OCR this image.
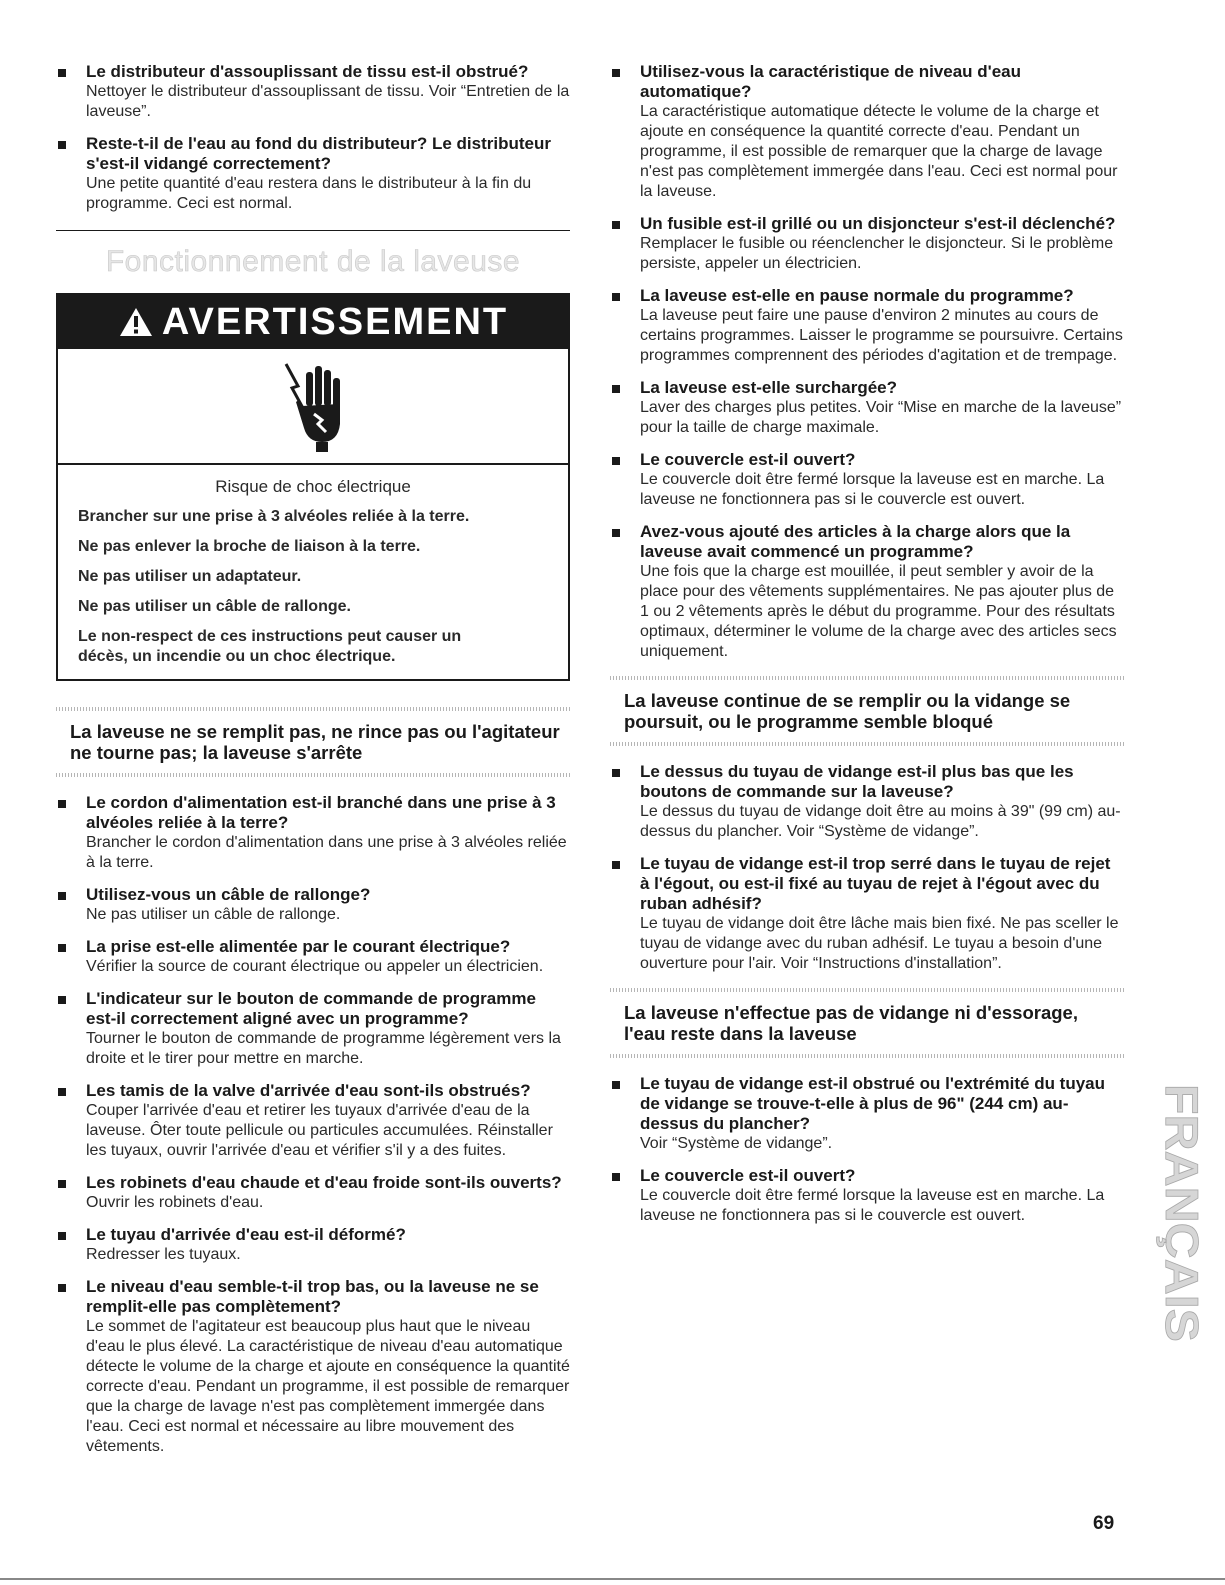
Le distributeur d'assouplissant de tissu est-il obstrué?

Nettoyer le distributeur d'assouplissant de tissu. Voir “Entretien de la laveuse”.

Reste-t-il de l'eau au fond du distributeur? Le distributeur s'est-il vidangé correctement?

Une petite quantité d'eau restera dans le distributeur à la fin du programme. Ceci est normal.

Fonctionnement de la laveuse
AVERTISSEMENT

Risque de choc électrique

Brancher sur une prise à 3 alvéoles reliée à la terre.

Ne pas enlever la broche de liaison à la terre.

Ne pas utiliser un adaptateur.

Ne pas utiliser un câble de rallonge.

Le non-respect de ces instructions peut causer un décès, un incendie ou un choc électrique.

La laveuse ne se remplit pas, ne rince pas ou l'agitateur ne tourne pas; la laveuse s'arrête

Le cordon d'alimentation est-il branché dans une prise à 3 alvéoles reliée à la terre?

Brancher le cordon d'alimentation dans une prise à 3 alvéoles reliée à la terre.

Utilisez-vous un câble de rallonge?

Ne pas utiliser un câble de rallonge.

La prise est-elle alimentée par le courant électrique?

Vérifier la source de courant électrique ou appeler un électricien.

L'indicateur sur le bouton de commande de programme est-il correctement aligné avec un programme?

Tourner le bouton de commande de programme légèrement vers la droite et le tirer pour mettre en marche.

Les tamis de la valve d'arrivée d'eau sont-ils obstrués?

Couper l'arrivée d'eau et retirer les tuyaux d'arrivée d'eau de la laveuse. Ôter toute pellicule ou particules accumulées. Réinstaller les tuyaux, ouvrir l'arrivée d'eau et vérifier s'il y a des fuites.

Les robinets d'eau chaude et d'eau froide sont-ils ouverts?

Ouvrir les robinets d'eau.

Le tuyau d'arrivée d'eau est-il déformé?

Redresser les tuyaux.

Le niveau d'eau semble-t-il trop bas, ou la laveuse ne se remplit-elle pas complètement?

Le sommet de l'agitateur est beaucoup plus haut que le niveau d'eau le plus élevé. La caractéristique de niveau d'eau automatique détecte le volume de la charge et ajoute en conséquence la quantité correcte d'eau. Pendant un programme, il est possible de remarquer que la charge de lavage n'est pas complètement immergée dans l'eau. Ceci est normal et nécessaire au libre mouvement des vêtements.

Utilisez-vous la caractéristique de niveau d'eau automatique?

La caractéristique automatique détecte le volume de la charge et ajoute en conséquence la quantité correcte d'eau. Pendant un programme, il est possible de remarquer que la charge de lavage n'est pas complètement immergée dans l'eau. Ceci est normal pour la laveuse.

Un fusible est-il grillé ou un disjoncteur s'est-il déclenché?

Remplacer le fusible ou réenclencher le disjoncteur. Si le problème persiste, appeler un électricien.

La laveuse est-elle en pause normale du programme?

La laveuse peut faire une pause d'environ 2 minutes au cours de certains programmes. Laisser le programme se poursuivre. Certains programmes comprennent des périodes d'agitation et de trempage.

La laveuse est-elle surchargée?

Laver des charges plus petites. Voir “Mise en marche de la laveuse” pour la taille de charge maximale.

Le couvercle est-il ouvert?

Le couvercle doit être fermé lorsque la laveuse est en marche. La laveuse ne fonctionnera pas si le couvercle est ouvert.

Avez-vous ajouté des articles à la charge alors que la laveuse avait commencé un programme?

Une fois que la charge est mouillée, il peut sembler y avoir de la place pour des vêtements supplémentaires. Ne pas ajouter plus de 1 ou 2 vêtements après le début du programme. Pour des résultats optimaux, déterminer le volume de la charge avec des articles secs uniquement.

La laveuse continue de se remplir ou la vidange se poursuit, ou le programme semble bloqué

Le dessus du tuyau de vidange est-il plus bas que les boutons de commande sur la laveuse?

Le dessus du tuyau de vidange doit être au moins à 39" (99 cm) au-dessus du plancher. Voir “Système de vidange”.

Le tuyau de vidange est-il trop serré dans le tuyau de rejet à l'égout, ou est-il fixé au tuyau de rejet à l'égout avec du ruban adhésif?

Le tuyau de vidange doit être lâche mais bien fixé. Ne pas sceller le tuyau de vidange avec du ruban adhésif. Le tuyau a besoin d'une ouverture pour l'air. Voir “Instructions d'installation”.

La laveuse n'effectue pas de vidange ni d'essorage, l'eau reste dans la laveuse

Le tuyau de vidange est-il obstrué ou l'extrémité du tuyau de vidange se trouve-t-elle à plus de 96" (244 cm) au-dessus du plancher?

Voir “Système de vidange”.

Le couvercle est-il ouvert?

Le couvercle doit être fermé lorsque la laveuse est en marche. La laveuse ne fonctionnera pas si le couvercle est ouvert.	FRANÇAIS
69
